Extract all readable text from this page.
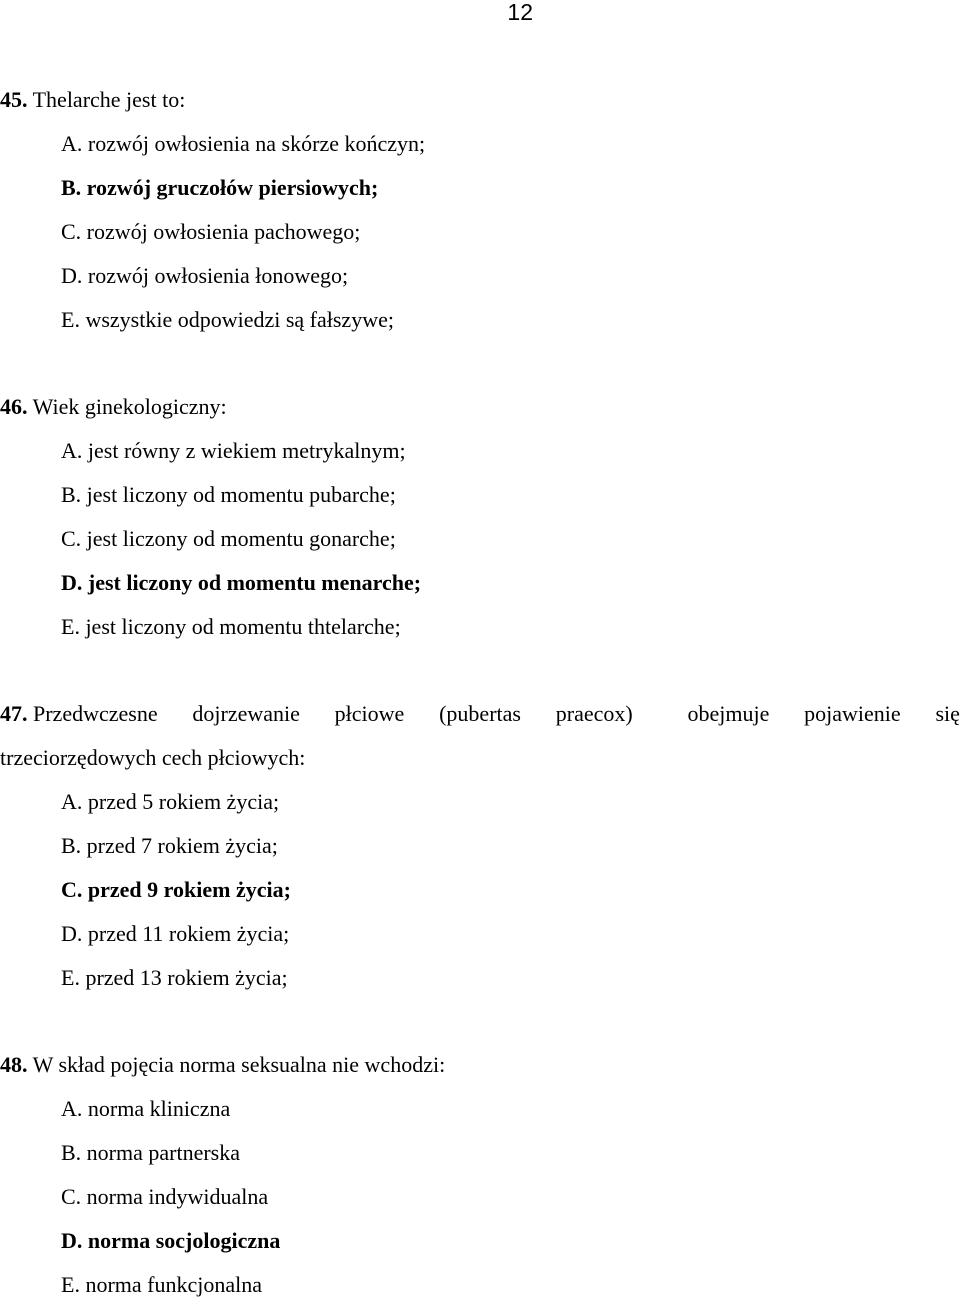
12
45. Thelarche jest to:
A. rozwój owłosienia na skórze kończyn;
B. rozwój gruczołów piersiowych;
C. rozwój owłosienia pachowego;
D. rozwój owłosienia łonowego;
E. wszystkie odpowiedzi są fałszywe;
46. Wiek ginekologiczny:
A. jest równy z wiekiem metrykalnym;
B. jest liczony od momentu pubarche;
C. jest liczony od momentu gonarche;
D. jest liczony od momentu menarche;
E. jest liczony od momentu thtelarche;
47. Przedwczesne dojrzewanie płciowe (pubertas praecox) obejmuje pojawienie się
trzeciorzędowych cech płciowych:
A. przed 5 rokiem życia;
B. przed 7 rokiem życia;
C. przed 9 rokiem życia;
D. przed 11 rokiem życia;
E. przed 13 rokiem życia;
48. W skład pojęcia norma seksualna nie wchodzi:
A. norma kliniczna
B. norma partnerska
C. norma indywidualna
D. norma socjologiczna
E. norma funkcjonalna
